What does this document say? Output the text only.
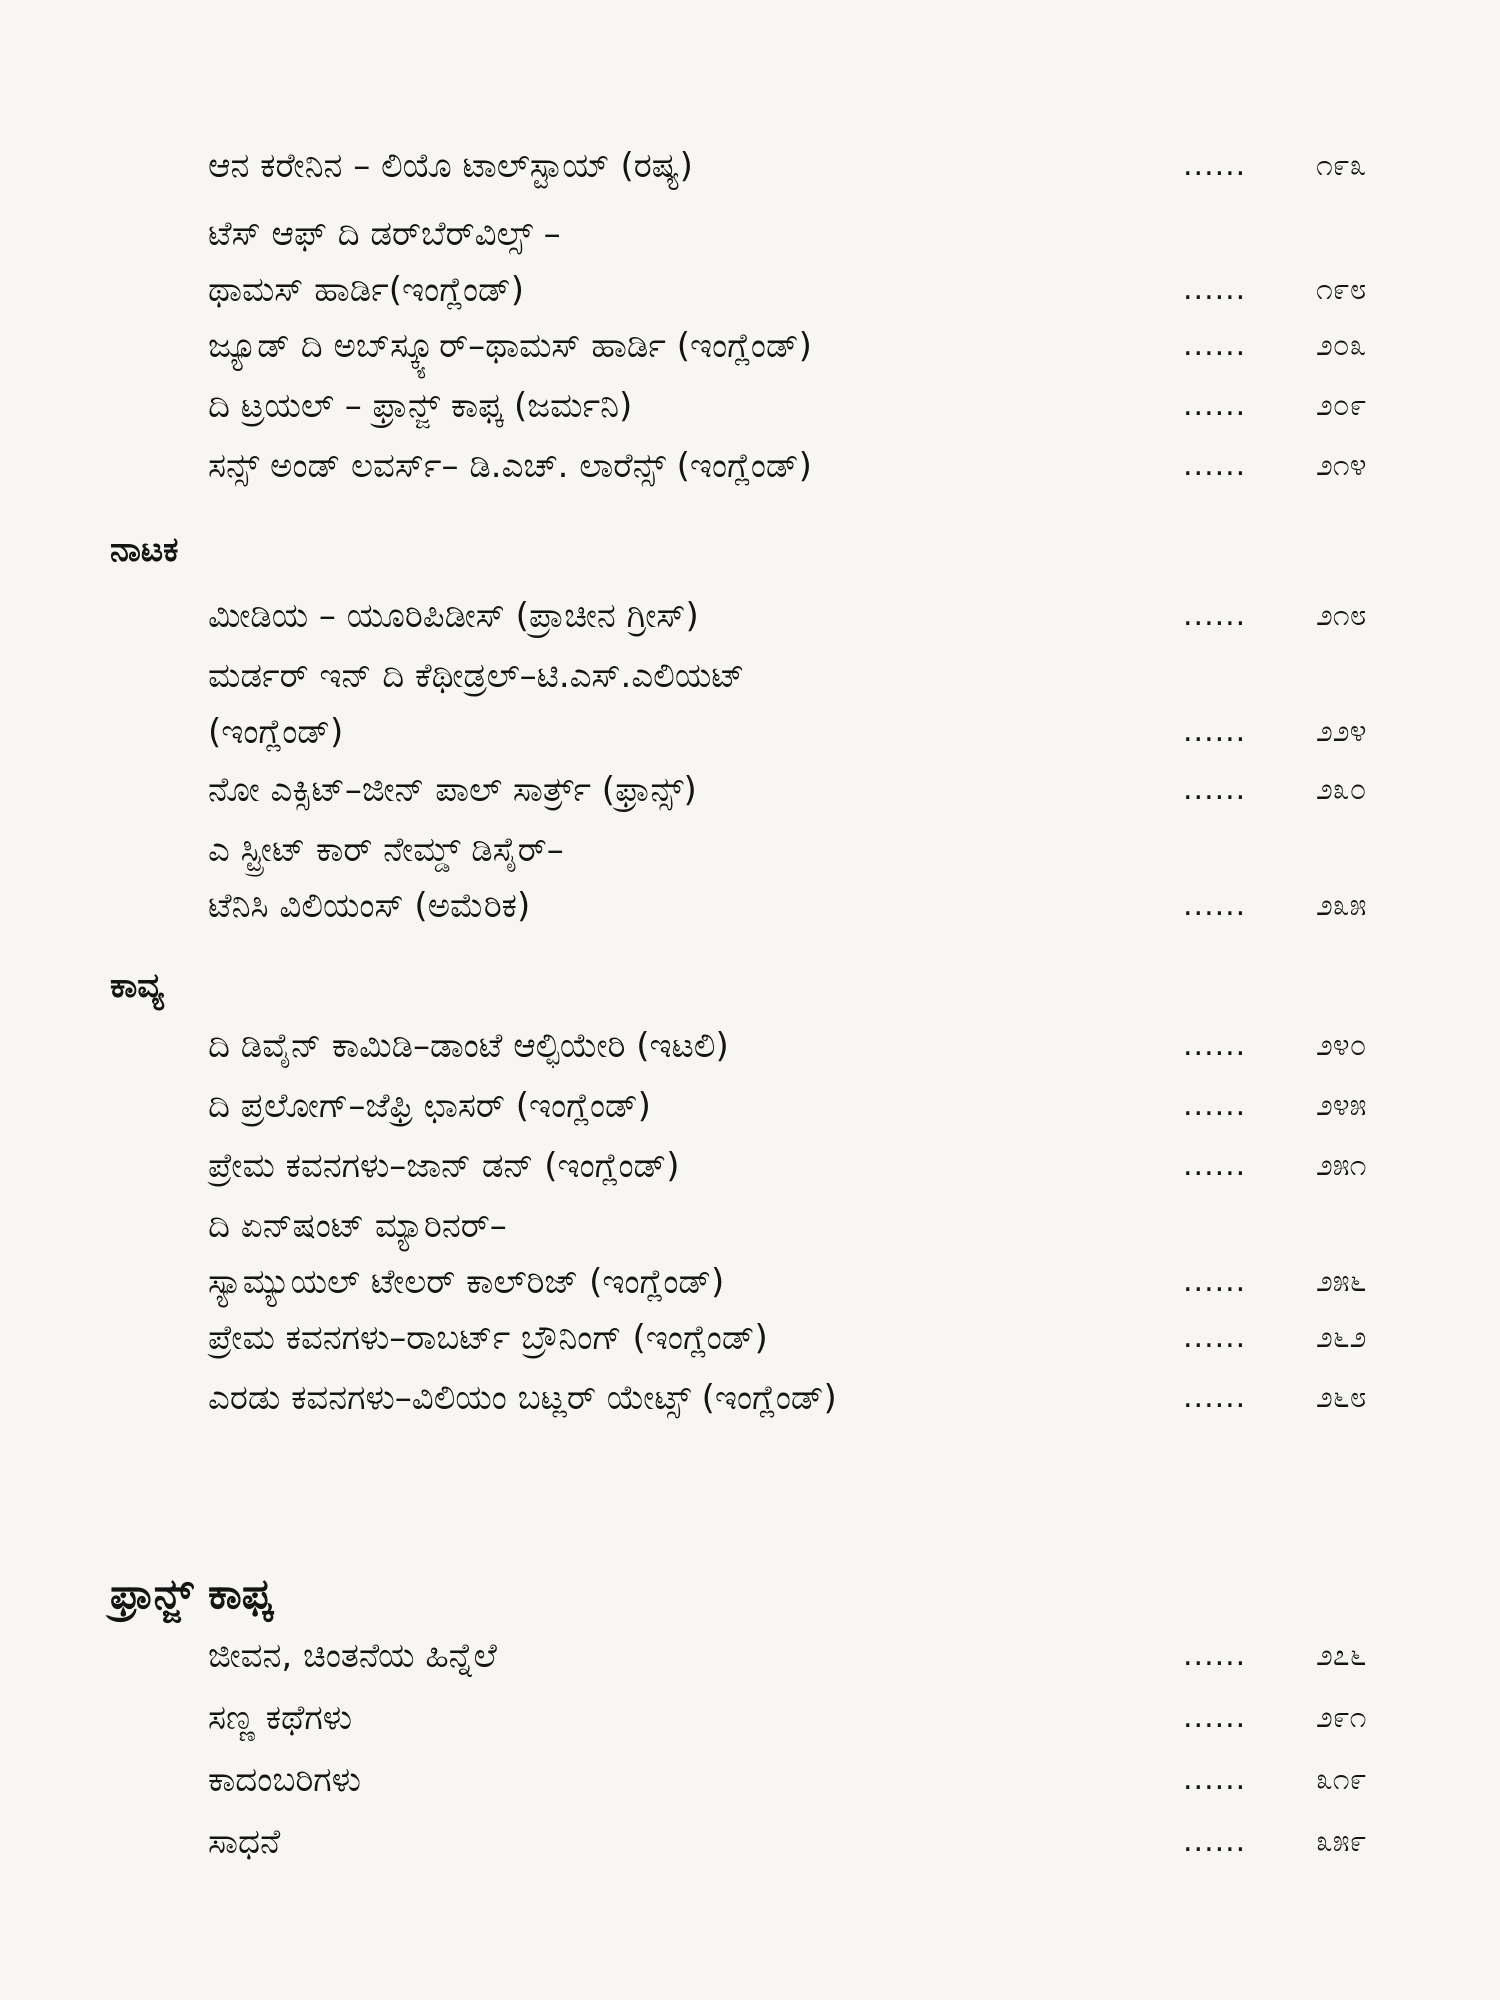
ಆನ ಕರೇನಿನ – ಲಿಯೊ ಟಾಲ್‌ಸ್ಟಾಯ್ (ರಷ್ಯ)	...... ೧೯೩
ಟೆಸ್ ಆಫ್ ದಿ ಡರ್‌ಬೆರ್‌ವಿಲ್ಸ್ –
ಥಾಮಸ್ ಹಾರ್ಡಿ(ಇಂಗ್ಲೆಂಡ್)	...... ೧೯೮
ಜ್ಯೂಡ್ ದಿ ಅಬ್‌ಸ್ಕ್ಯೂರ್–ಥಾಮಸ್ ಹಾರ್ಡಿ (ಇಂಗ್ಲೆಂಡ್)	...... ೨೦೩
ದಿ ಟ್ರಯಲ್ – ಫ್ರಾನ್ಜ್ ಕಾಫ್ಕ (ಜರ್ಮನಿ)	...... ೨೦೯
ಸನ್ಸ್ ಅಂಡ್ ಲವರ್ಸ್– ಡಿ.ಎಚ್. ಲಾರೆನ್ಸ್ (ಇಂಗ್ಲೆಂಡ್)	...... ೨೧೪
ನಾಟಕ
ಮೀಡಿಯ – ಯೂರಿಪಿಡೀಸ್ (ಪ್ರಾಚೀನ ಗ್ರೀಸ್)	...... ೨೧೮
ಮರ್ಡರ್ ಇನ್ ದಿ ಕೆಥೀಡ್ರಲ್–ಟಿ.ಎಸ್.ಎಲಿಯಟ್
(ಇಂಗ್ಲೆಂಡ್)	...... ೨೨೪
ನೋ ಎಕ್ಸಿಟ್–ಜೀನ್ ಪಾಲ್ ಸಾರ್ತ್ರ್ (ಫ್ರಾನ್ಸ್)	...... ೨೩೦
ಎ ಸ್ಟ್ರೀಟ್ ಕಾರ್ ನೇಮ್ಡ್ ಡಿಸೈರ್–
ಟೆನಿಸಿ ವಿಲಿಯಂಸ್ (ಅಮೆರಿಕ)	...... ೨೩೫
ಕಾವ್ಯ
ದಿ ಡಿವೈನ್ ಕಾಮಿಡಿ–ಡಾಂಟೆ ಆಲ್ಫಿಯೇರಿ (ಇಟಲಿ)	...... ೨೪೦
ದಿ ಪ್ರಲೋಗ್–ಜೆಫ್ರಿ ಛಾಸರ್ (ಇಂಗ್ಲೆಂಡ್)	...... ೨೪೫
ಪ್ರೇಮ ಕವನಗಳು–ಜಾನ್ ಡನ್ (ಇಂಗ್ಲೆಂಡ್)	...... ೨೫೧
ದಿ ಏನ್‌ಷಂಟ್ ಮ್ಯಾರಿನರ್–
ಸ್ಯಾಮ್ಯುಯಲ್ ಟೇಲರ್ ಕಾಲ್‌ರಿಜ್ (ಇಂಗ್ಲೆಂಡ್)	...... ೨೫೬
ಪ್ರೇಮ ಕವನಗಳು–ರಾಬರ್ಟ್ ಬ್ರೌನಿಂಗ್ (ಇಂಗ್ಲೆಂಡ್)	...... ೨೬೨
ಎರಡು ಕವನಗಳು–ವಿಲಿಯಂ ಬಟ್ಲರ್ ಯೇಟ್ಸ್ (ಇಂಗ್ಲೆಂಡ್)	...... ೨೬೮
ಫ್ರಾನ್ಜ್ ಕಾಫ್ಕ
ಜೀವನ, ಚಿಂತನೆಯ ಹಿನ್ನೆಲೆ	...... ೨೭೬
ಸಣ್ಣ ಕಥೆಗಳು	...... ೨೯೧
ಕಾದಂಬರಿಗಳು	...... ೩೧೯
ಸಾಧನೆ	...... ೩೫೯
